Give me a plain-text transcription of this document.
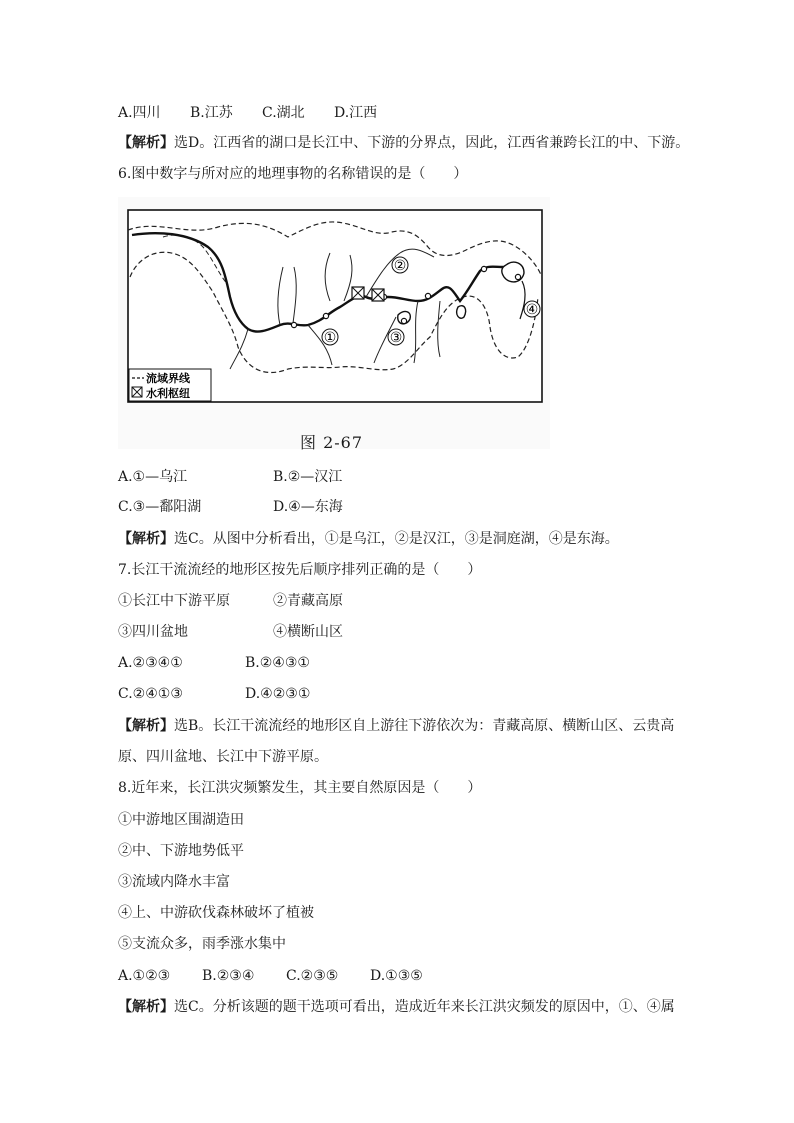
A.四川 B.江苏 C.湖北 D.江西
【解析】选D。江西省的湖口是长江中、下游的分界点，因此，江西省兼跨长江的中、下游。
6.图中数字与所对应的地理事物的名称错误的是（　　）
①
②
③
④
流域界线
水利枢纽
图 2-67
A.①—乌江	B.②—汉江
C.③—鄱阳湖	D.④—东海
【解析】选C。从图中分析看出，①是乌江，②是汉江，③是洞庭湖，④是东海。
7.长江干流流经的地形区按先后顺序排列正确的是（　　）
①长江中下游平原	②青藏高原
③四川盆地	④横断山区
A.②③④①	B.②④③①
C.②④①③	D.④②③①
【解析】选B。长江干流流经的地形区自上游往下游依次为：青藏高原、横断山区、云贵高
原、四川盆地、长江中下游平原。
8.近年来，长江洪灾频繁发生，其主要自然原因是（　　）
①中游地区围湖造田
②中、下游地势低平
③流域内降水丰富
④上、中游砍伐森林破坏了植被
⑤支流众多，雨季涨水集中
A.①②③ B.②③④ C.②③⑤ D.①③⑤
【解析】选C。分析该题的题干选项可看出，造成近年来长江洪灾频发的原因中，①、④属
